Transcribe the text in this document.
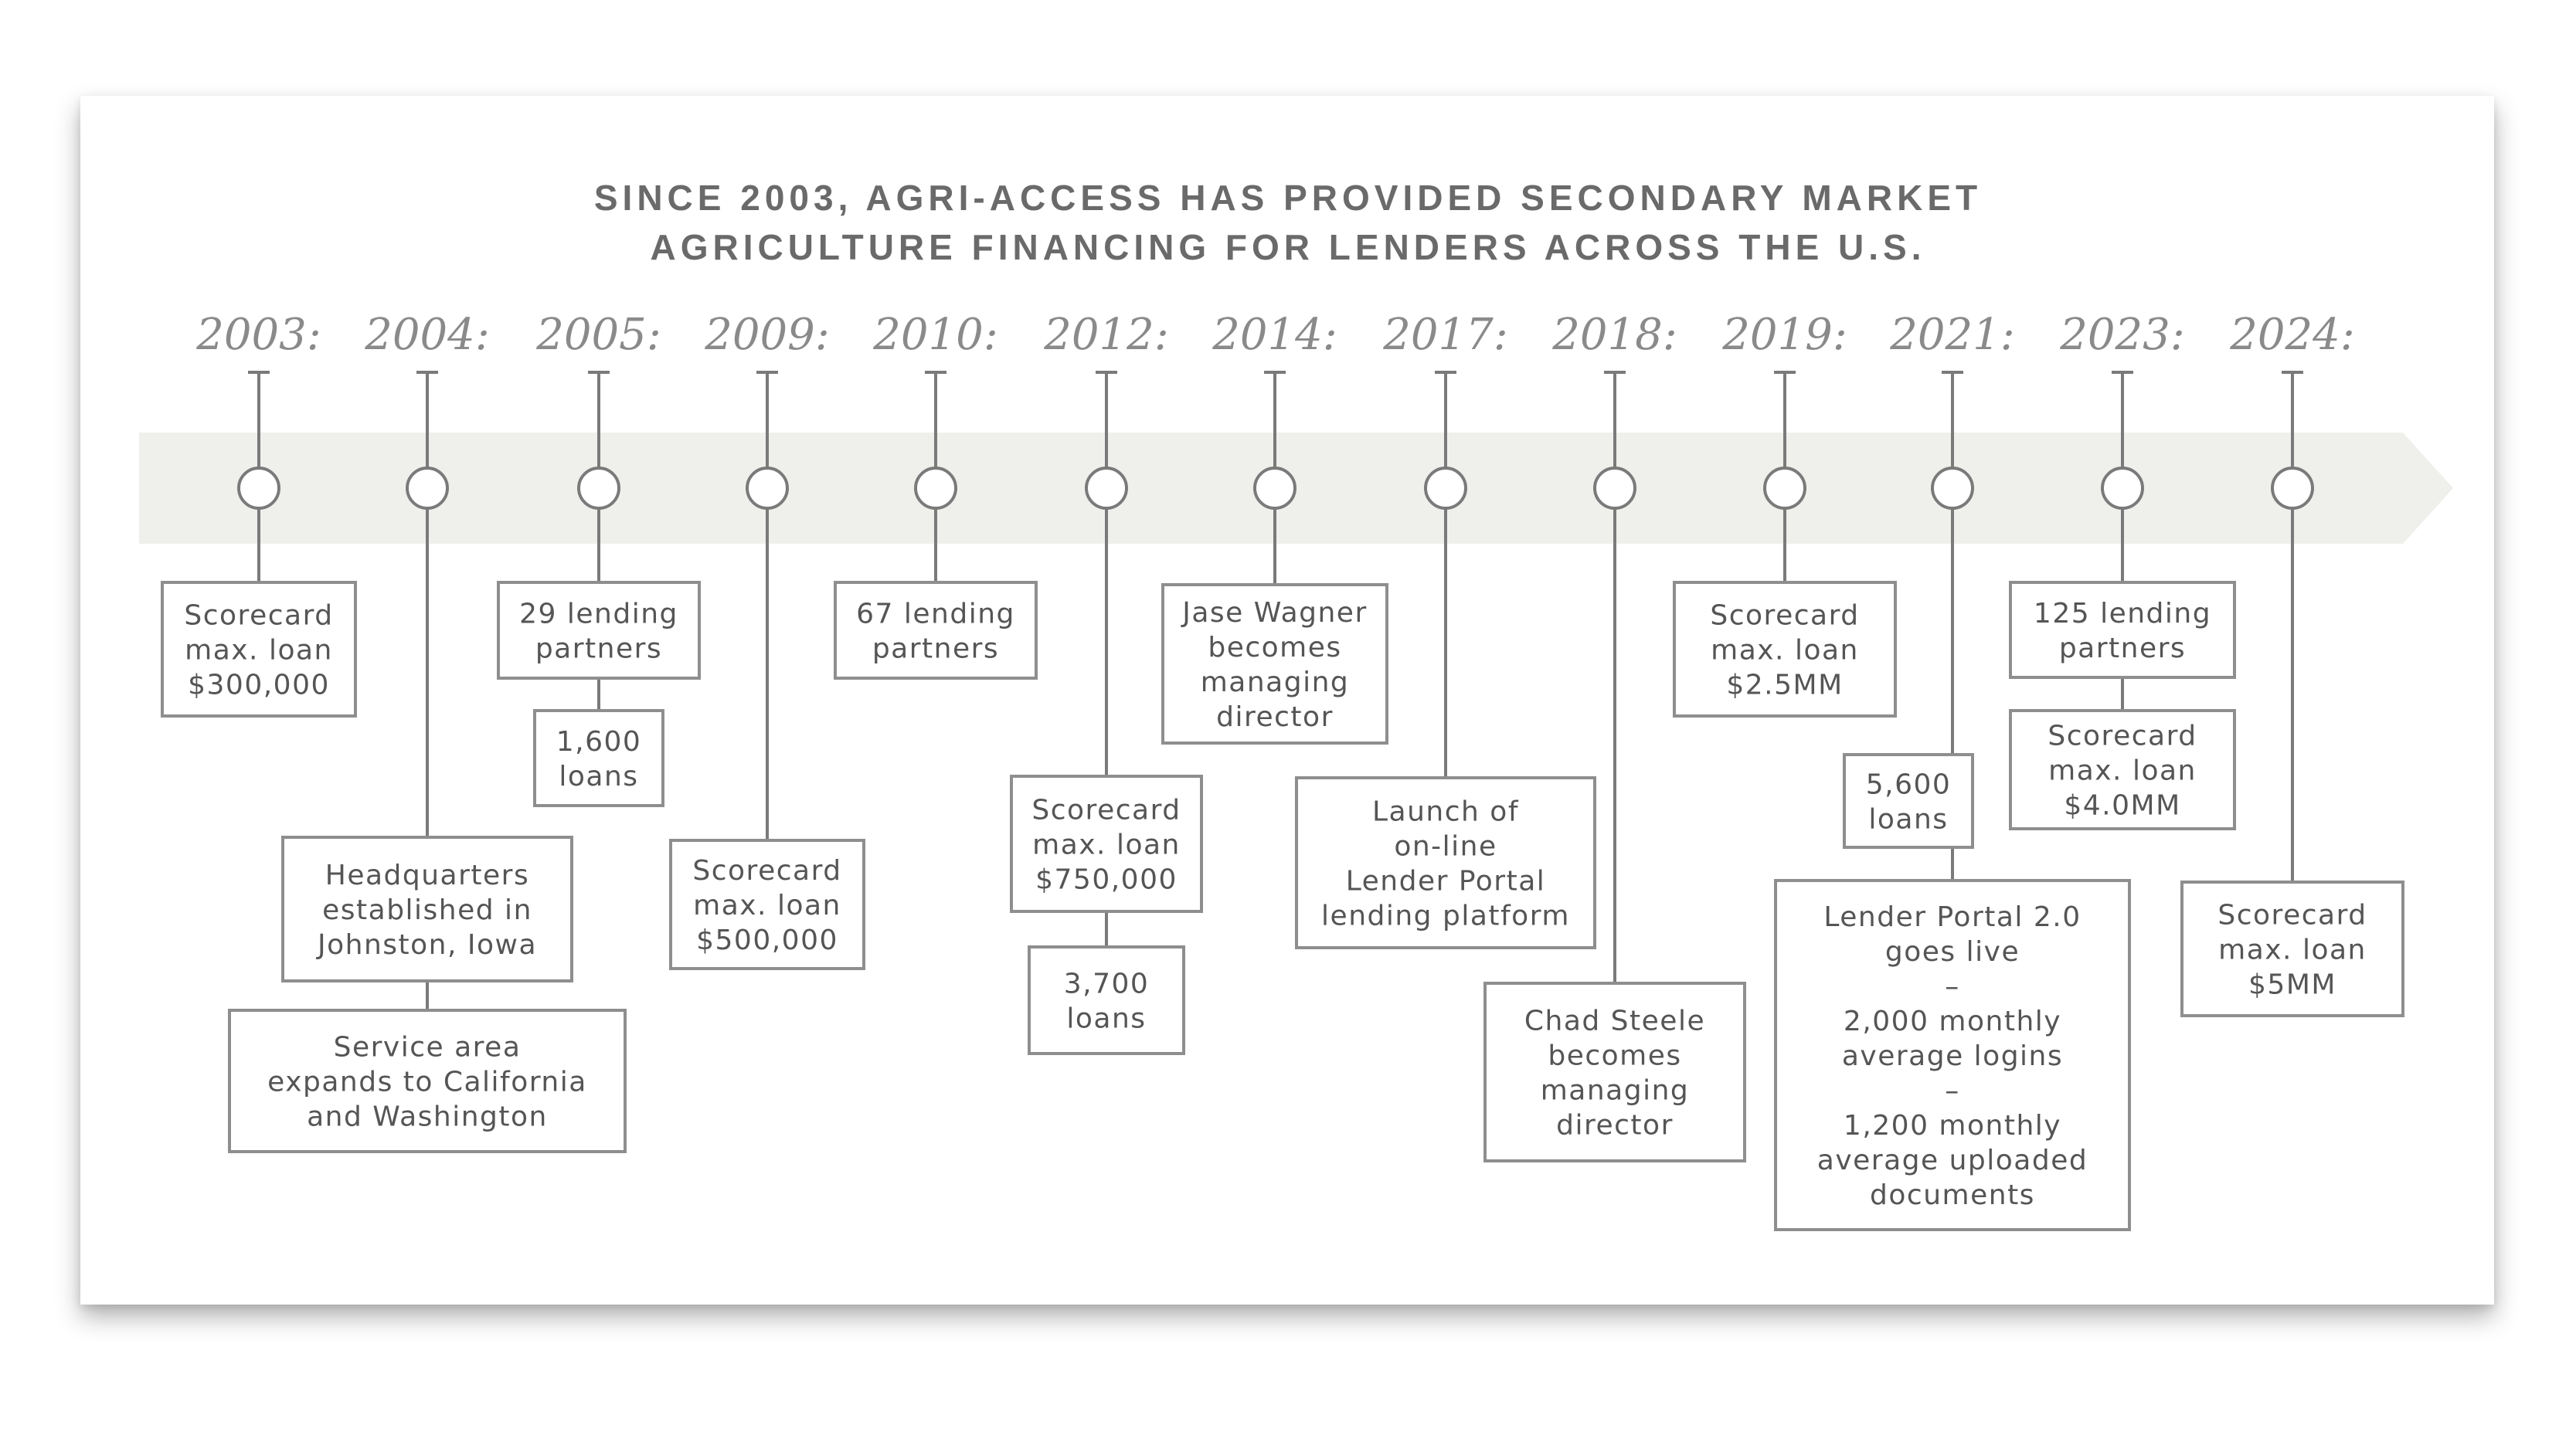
SINCE 2003, AGRI-ACCESS HAS PROVIDED SECONDARY MARKET
AGRICULTURE FINANCING FOR LENDERS ACROSS THE U.S.
2003:
Scorecard
max. loan
$300,000
2004:
Headquarters
established in
Johnston, Iowa
Service area
expands to California
and Washington
2005:
29 lending
partners
1,600
loans
2009:
Scorecard
max. loan
$500,000
2010:
67 lending
partners
2012:
Scorecard
max. loan
$750,000
3,700
loans
2014:
Jase Wagner
becomes
managing
director
2017:
Launch of
on-line
Lender Portal
lending platform
2018:
Chad Steele
becomes
managing
director
2019:
Scorecard
max. loan
$2.5MM
2021:
5,600
loans
Lender Portal 2.0
goes live
–
2,000 monthly
average logins
–
1,200 monthly
average uploaded
documents
2023:
125 lending
partners
Scorecard
max. loan
$4.0MM
2024:
Scorecard
max. loan
$5MM
